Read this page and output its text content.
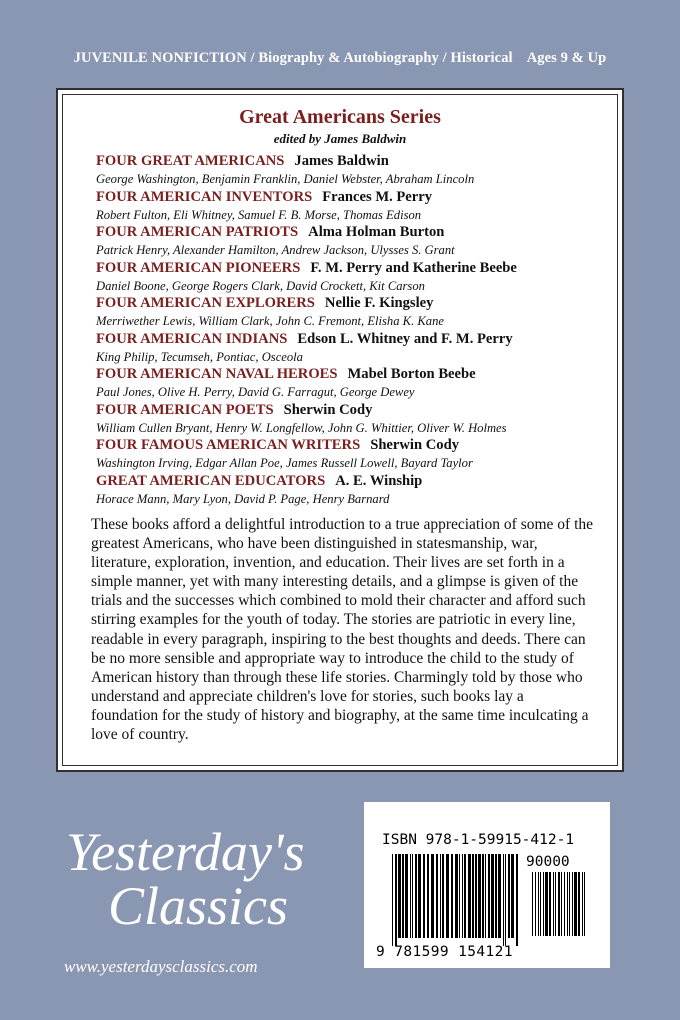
JUVENILE NONFICTION / Biography & Autobiography / Historical Ages 9 & Up
Great Americans Series
edited by James Baldwin
FOUR GREAT AMERICANS James Baldwin
George Washington, Benjamin Franklin, Daniel Webster, Abraham Lincoln
FOUR AMERICAN INVENTORS Frances M. Perry
Robert Fulton, Eli Whitney, Samuel F. B. Morse, Thomas Edison
FOUR AMERICAN PATRIOTS Alma Holman Burton
Patrick Henry, Alexander Hamilton, Andrew Jackson, Ulysses S. Grant
FOUR AMERICAN PIONEERS F. M. Perry and Katherine Beebe
Daniel Boone, George Rogers Clark, David Crockett, Kit Carson
FOUR AMERICAN EXPLORERS Nellie F. Kingsley
Merriwether Lewis, William Clark, John C. Fremont, Elisha K. Kane
FOUR AMERICAN INDIANS Edson L. Whitney and F. M. Perry
King Philip, Tecumseh, Pontiac, Osceola
FOUR AMERICAN NAVAL HEROES Mabel Borton Beebe
Paul Jones, Olive H. Perry, David G. Farragut, George Dewey
FOUR AMERICAN POETS Sherwin Cody
William Cullen Bryant, Henry W. Longfellow, John G. Whittier, Oliver W. Holmes
FOUR FAMOUS AMERICAN WRITERS Sherwin Cody
Washington Irving, Edgar Allan Poe, James Russell Lowell, Bayard Taylor
GREAT AMERICAN EDUCATORS A. E. Winship
Horace Mann, Mary Lyon, David P. Page, Henry Barnard

These books afford a delightful introduction to a true appreciation of some of the greatest Americans, who have been distinguished in statesmanship, war, literature, exploration, invention, and education. Their lives are set forth in a simple manner, yet with many interesting details, and a glimpse is given of the trials and the successes which combined to mold their character and afford such stirring examples for the youth of today. The stories are patriotic in every line, readable in every paragraph, inspiring to the best thoughts and deeds. There can be no more sensible and appropriate way to introduce the child to the study of American history than through these life stories. Charmingly told by those who understand and appreciate children's love for stories, such books lay a foundation for the study of history and biography, at the same time inculcating a love of country.

Yesterday's
Classics
www.yesterdaysclassics.com
ISBN 978-1-59915-412-1
90000
9 781599 154121
